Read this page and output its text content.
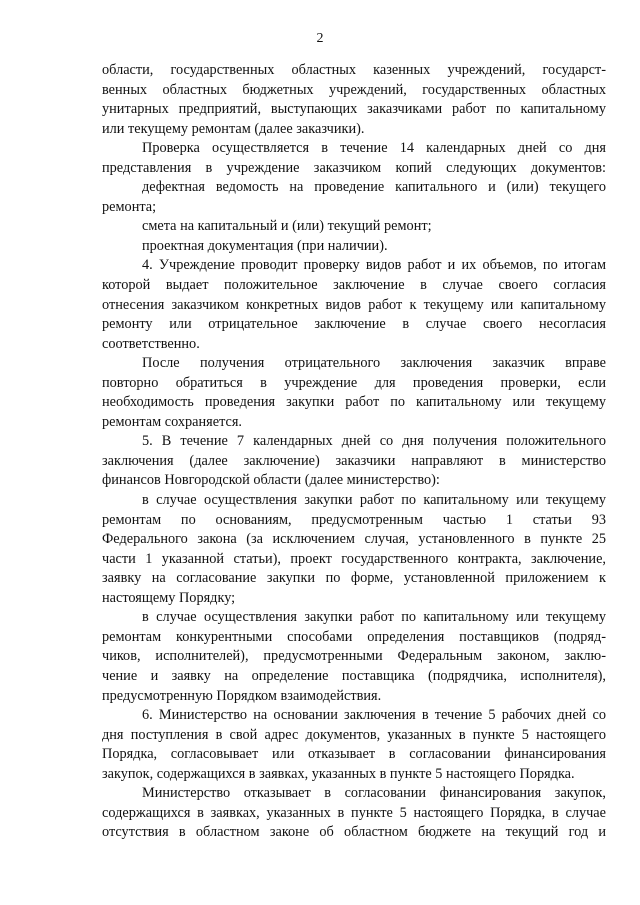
2

области, государственных областных казенных учреждений, государст-

венных областных бюджетных учреждений, государственных областных

унитарных предприятий, выступающих заказчиками работ по капитальному

или текущему ремонтам (далее заказчики).

Проверка осуществляется в течение 14 календарных дней со дня

представления в учреждение заказчиком копий следующих документов:

дефектная ведомость на проведение капитального и (или) текущего

ремонта;

смета на капитальный и (или) текущий ремонт;

проектная документация (при наличии).

4. Учреждение проводит проверку видов работ и их объемов, по итогам

которой выдает положительное заключение в случае своего согласия

отнесения заказчиком конкретных видов работ к текущему или капитальному

ремонту или отрицательное заключение в случае своего несогласия

соответственно.

После получения отрицательного заключения заказчик вправе

повторно обратиться в учреждение для проведения проверки, если

необходимость проведения закупки работ по капитальному или текущему

ремонтам сохраняется.

5. В течение 7 календарных дней со дня получения положительного

заключения (далее заключение) заказчики направляют в министерство

финансов Новгородской области (далее министерство):

в случае осуществления закупки работ по капитальному или текущему

ремонтам по основаниям, предусмотренным частью 1 статьи 93

Федерального закона (за исключением случая, установленного в пункте 25

части 1 указанной статьи), проект государственного контракта, заключение,

заявку на согласование закупки по форме, установленной приложением к

настоящему Порядку;

в случае осуществления закупки работ по капитальному или текущему

ремонтам конкурентными способами определения поставщиков (подряд-

чиков, исполнителей), предусмотренными Федеральным законом, заклю-

чение и заявку на определение поставщика (подрядчика, исполнителя),

предусмотренную Порядком взаимодействия.

6. Министерство на основании заключения в течение 5 рабочих дней со

дня поступления в свой адрес документов, указанных в пункте 5 настоящего

Порядка, согласовывает или отказывает в согласовании финансирования

закупок, содержащихся в заявках, указанных в пункте 5 настоящего Порядка.

Министерство отказывает в согласовании финансирования закупок,

содержащихся в заявках, указанных в пункте 5 настоящего Порядка, в случае

отсутствия в областном законе об областном бюджете на текущий год и
